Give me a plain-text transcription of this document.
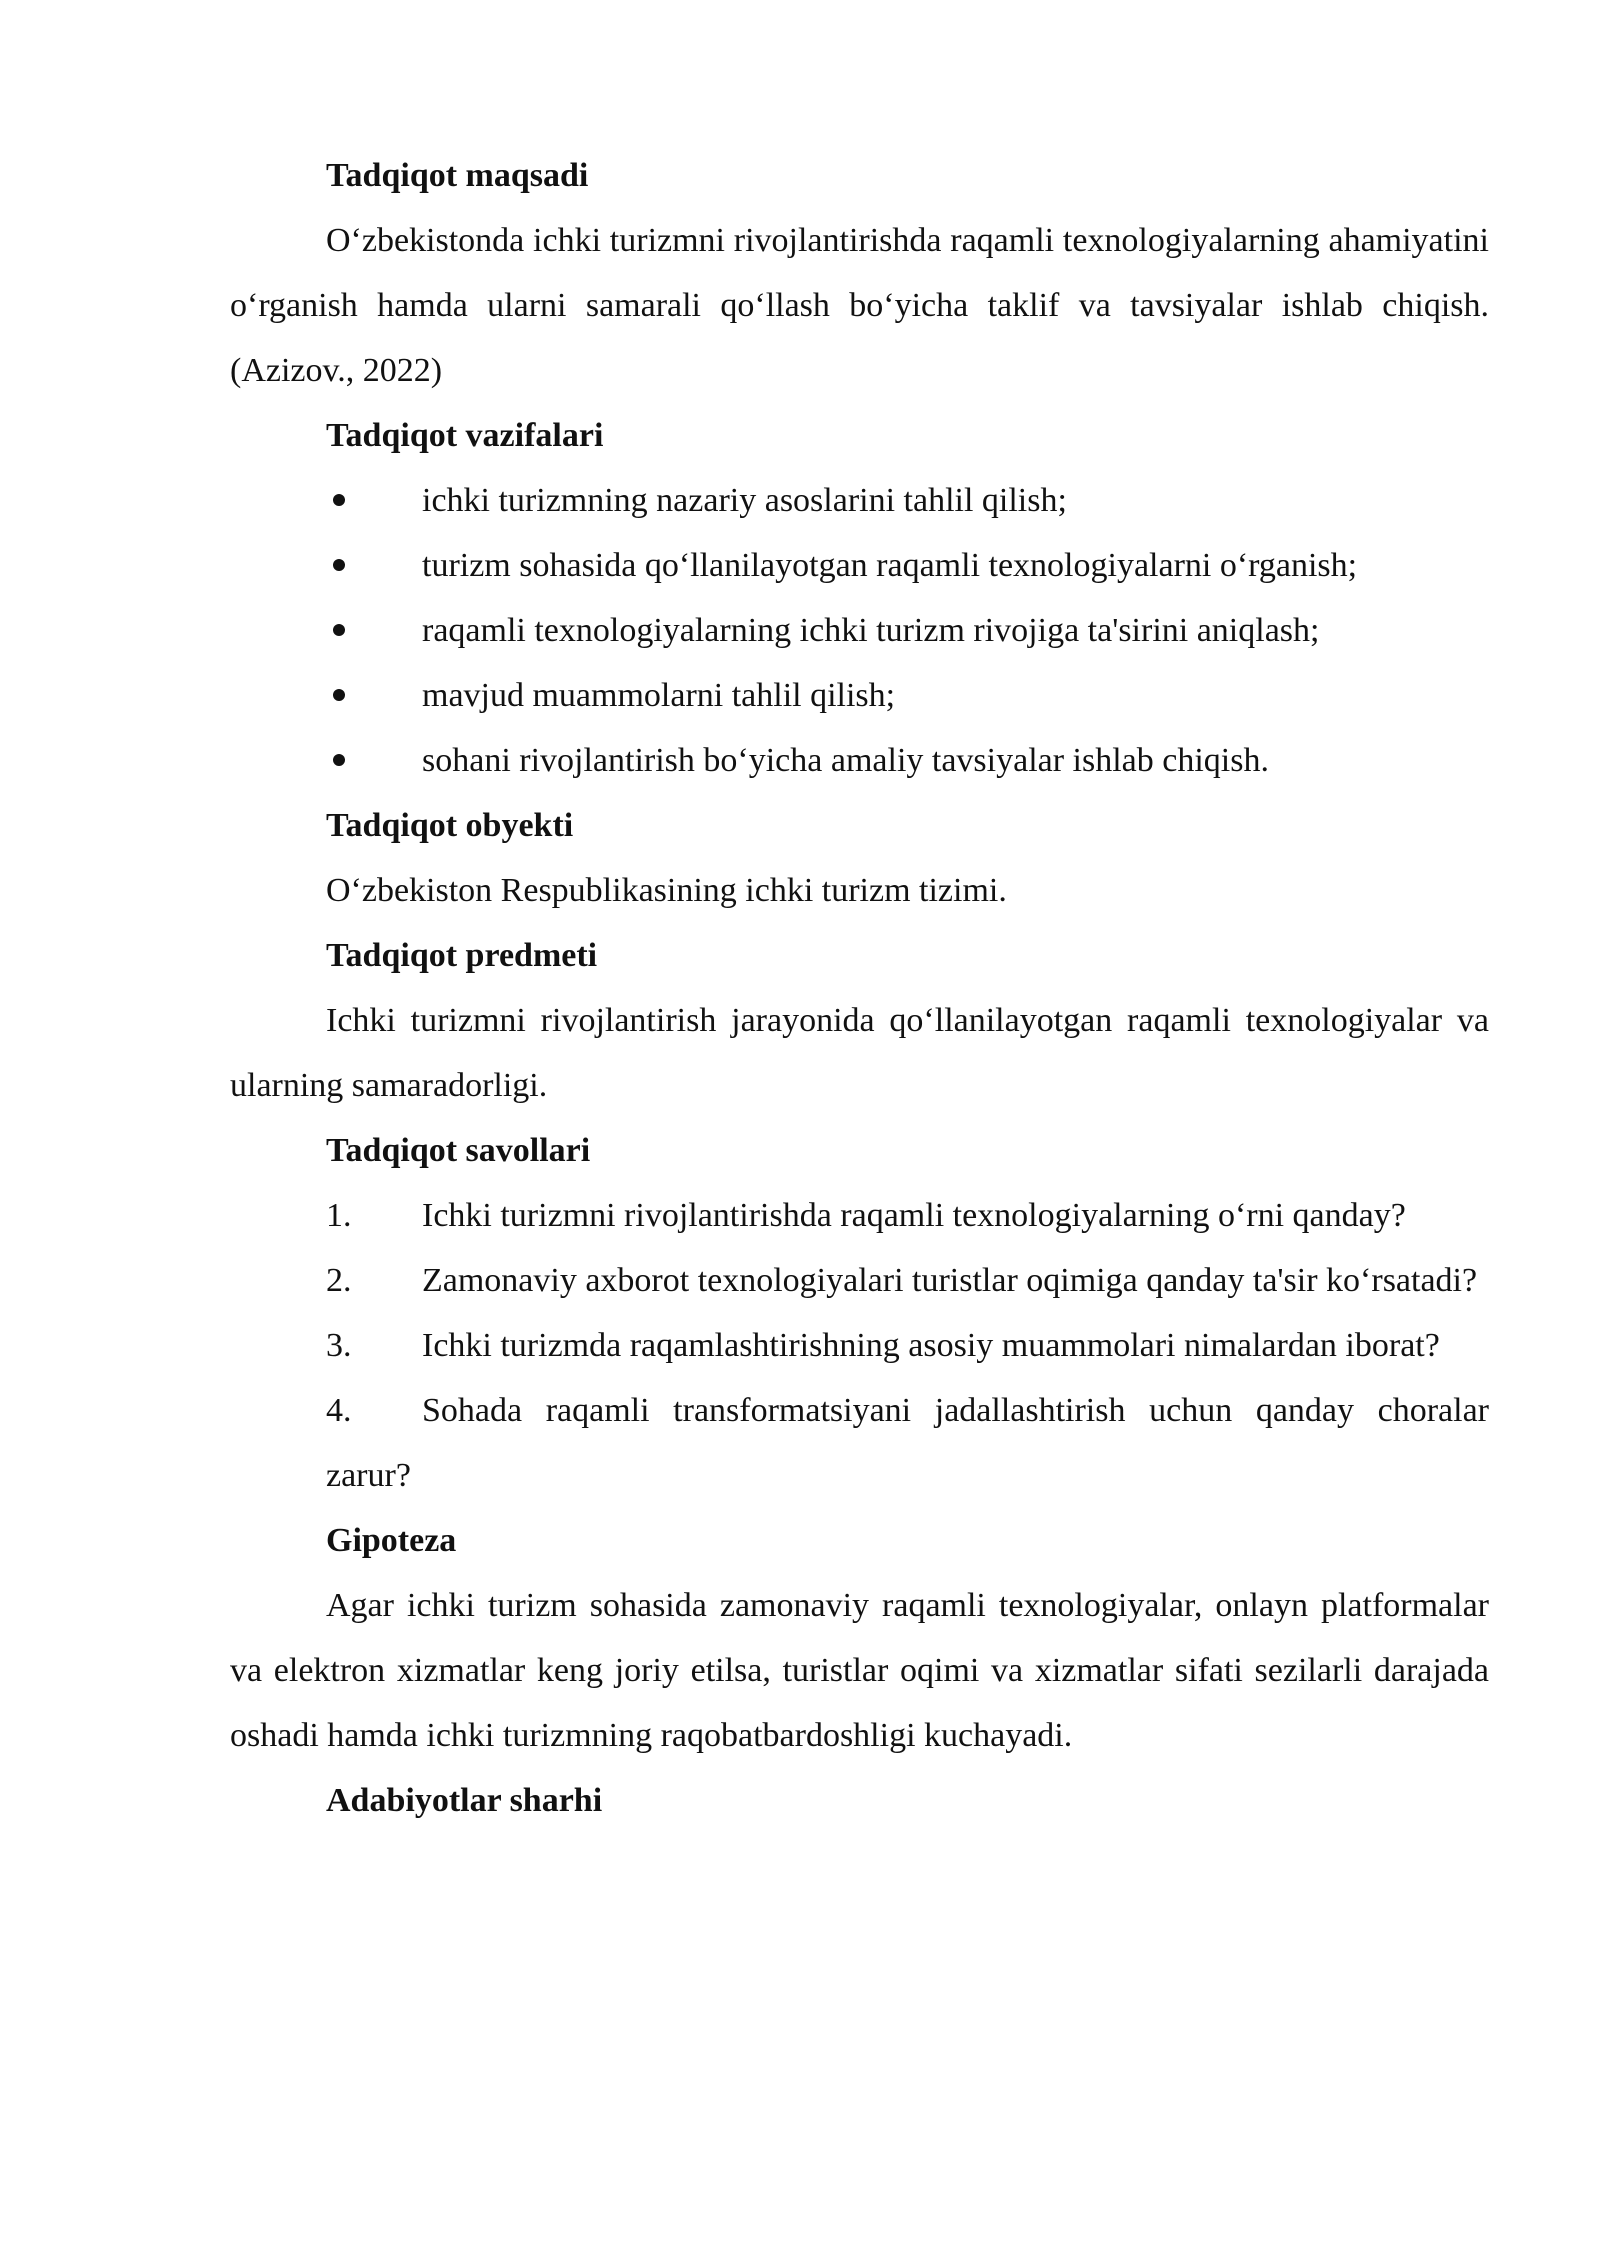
Tadqiqot maqsadi

O‘zbekistonda ichki turizmni rivojlantirishda raqamli texnologiyalarning ahamiyatini o‘rganish hamda ularni samarali qo‘llash bo‘yicha taklif va tavsiyalar ishlab chiqish. (Azizov., 2022)

Tadqiqot vazifalari
ichki turizmning nazariy asoslarini tahlil qilish;
turizm sohasida qo‘llanilayotgan raqamli texnologiyalarni o‘rganish;
raqamli texnologiyalarning ichki turizm rivojiga ta'sirini aniqlash;
mavjud muammolarni tahlil qilish;
sohani rivojlantirish bo‘yicha amaliy tavsiyalar ishlab chiqish.
Tadqiqot obyekti

O‘zbekiston Respublikasining ichki turizm tizimi.

Tadqiqot predmeti

Ichki turizmni rivojlantirish jarayonida qo‘llanilayotgan raqamli texnologiyalar va ularning samaradorligi.

Tadqiqot savollari
1.	Ichki turizmni rivojlantirishda raqamli texnologiyalarning o‘rni qanday?

2.	Zamonaviy axborot texnologiyalari turistlar oqimiga qanday ta'sir ko‘rsatadi?

3.	Ichki turizmda raqamlashtirishning asosiy muammolari nimalardan iborat?

4.	Sohada raqamli transformatsiyani jadallashtirish uchun qanday choralar zarur?

Gipoteza

Agar ichki turizm sohasida zamonaviy raqamli texnologiyalar, onlayn platformalar va elektron xizmatlar keng joriy etilsa, turistlar oqimi va xizmatlar sifati sezilarli darajada oshadi hamda ichki turizmning raqobatbardoshligi kuchayadi.

Adabiyotlar sharhi
